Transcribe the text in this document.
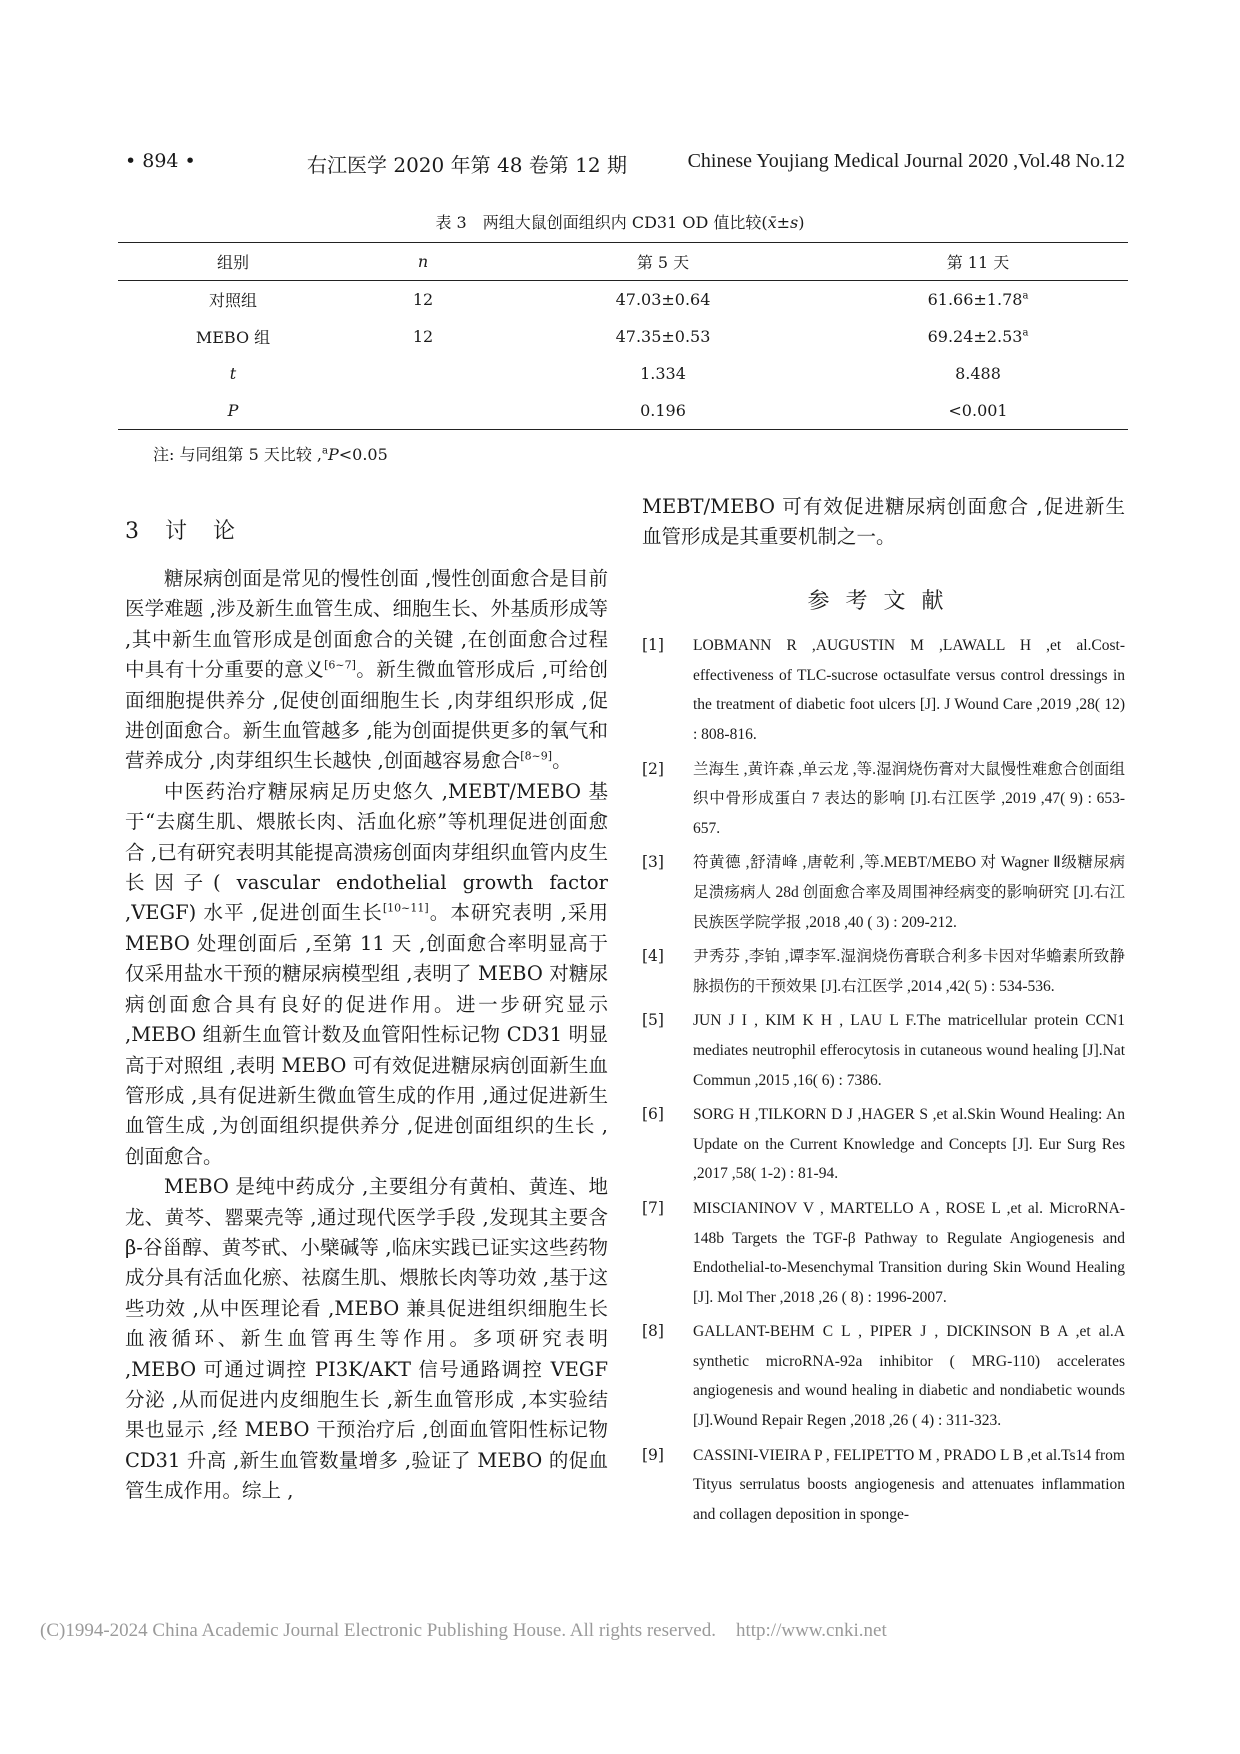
• 894 •	右江医学 2020 年第 48 卷第 12 期	Chinese Youjiang Medical Journal 2020 ,Vol.48 No.12
表 3　两组大鼠创面组织内 CD31 OD 值比较(x̄±s)
组别	n	第 5 天	第 11 天
对照组	12	47.03±0.64	61.66±1.78$^a$
MEBO 组	12	47.35±0.53	69.24±2.53$^a$
t		1.334	8.488
P		0.196	<0.001
注: 与同组第 5 天比较 ,$^a$P<0.05
3　讨　论

糖尿病创面是常见的慢性创面 ,慢性创面愈合是目前医学难题 ,涉及新生血管生成、细胞生长、外基质形成等 ,其中新生血管形成是创面愈合的关键 ,在创面愈合过程中具有十分重要的意义[6~7]。新生微血管形成后 ,可给创面细胞提供养分 ,促使创面细胞生长 ,肉芽组织形成 ,促进创面愈合。新生血管越多 ,能为创面提供更多的氧气和营养成分 ,肉芽组织生长越快 ,创面越容易愈合[8~9]。

中医药治疗糖尿病足历史悠久 ,MEBT/MEBO 基于“去腐生肌、煨脓长肉、活血化瘀”等机理促进创面愈合 ,已有研究表明其能提高溃疡创面肉芽组织血管内皮生长因子( vascular endothelial growth factor ,VEGF) 水平 ,促进创面生长[10~11]。本研究表明 ,采用 MEBO 处理创面后 ,至第 11 天 ,创面愈合率明显高于仅采用盐水干预的糖尿病模型组 ,表明了 MEBO 对糖尿病创面愈合具有良好的促进作用。进一步研究显示 ,MEBO 组新生血管计数及血管阳性标记物 CD31 明显高于对照组 ,表明 MEBO 可有效促进糖尿病创面新生血管形成 ,具有促进新生微血管生成的作用 ,通过促进新生血管生成 ,为创面组织提供养分 ,促进创面组织的生长 ,创面愈合。

MEBO 是纯中药成分 ,主要组分有黄柏、黄连、地龙、黄芩、罂粟壳等 ,通过现代医学手段 ,发现其主要含 β-谷甾醇、黄芩甙、小檗碱等 ,临床实践已证实这些药物成分具有活血化瘀、祛腐生肌、煨脓长肉等功效 ,基于这些功效 ,从中医理论看 ,MEBO 兼具促进组织细胞生长血液循环、新生血管再生等作用。多项研究表明 ,MEBO 可通过调控 PI3K/AKT 信号通路调控 VEGF 分泌 ,从而促进内皮细胞生长 ,新生血管形成 ,本实验结果也显示 ,经 MEBO 干预治疗后 ,创面血管阳性标记物 CD31 升高 ,新生血管数量增多 ,验证了 MEBO 的促血管生成作用。综上 ,

MEBT/MEBO 可有效促进糖尿病创面愈合 ,促进新生血管形成是其重要机制之一。

参考文献
[1]	LOBMANN R ,AUGUSTIN M ,LAWALL H ,et al.Cost-effectiveness of TLC-sucrose octasulfate versus control dressings in the treatment of diabetic foot ulcers [J]. J Wound Care ,2019 ,28( 12) : 808-816.
[2]	兰海生 ,黄许森 ,单云龙 ,等.湿润烧伤膏对大鼠慢性难愈合创面组织中骨形成蛋白 7 表达的影响 [J].右江医学 ,2019 ,47( 9) : 653-657.
[3]	符黄德 ,舒清峰 ,唐乾利 ,等.MEBT/MEBO 对 Wagner Ⅱ级糖尿病足溃疡病人 28d 创面愈合率及周围神经病变的影响研究 [J].右江民族医学院学报 ,2018 ,40 ( 3) : 209-212.
[4]	尹秀芬 ,李铂 ,谭李军.湿润烧伤膏联合利多卡因对华蟾素所致静脉损伤的干预效果 [J].右江医学 ,2014 ,42( 5) : 534-536.
[5]	JUN J I , KIM K H , LAU L F.The matricellular protein CCN1 mediates neutrophil efferocytosis in cutaneous wound healing [J].Nat Commun ,2015 ,16( 6) : 7386.
[6]	SORG H ,TILKORN D J ,HAGER S ,et al.Skin Wound Healing: An Update on the Current Knowledge and Concepts [J]. Eur Surg Res ,2017 ,58( 1-2) : 81-94.
[7]	MISCIANINOV V , MARTELLO A , ROSE L ,et al. MicroRNA-148b Targets the TGF-β Pathway to Regulate Angiogenesis and Endothelial-to-Mesenchymal Transition during Skin Wound Healing [J]. Mol Ther ,2018 ,26 ( 8) : 1996-2007.
[8]	GALLANT-BEHM C L , PIPER J , DICKINSON B A ,et al.A synthetic microRNA-92a inhibitor ( MRG-110) accelerates angiogenesis and wound healing in diabetic and nondiabetic wounds [J].Wound Repair Regen ,2018 ,26 ( 4) : 311-323.
[9]	CASSINI-VIEIRA P , FELIPETTO M , PRADO L B ,et al.Ts14 from Tityus serrulatus boosts angiogenesis and attenuates inflammation and collagen deposition in sponge-
(C)1994-2024 China Academic Journal Electronic Publishing House. All rights reserved. http://www.cnki.net
